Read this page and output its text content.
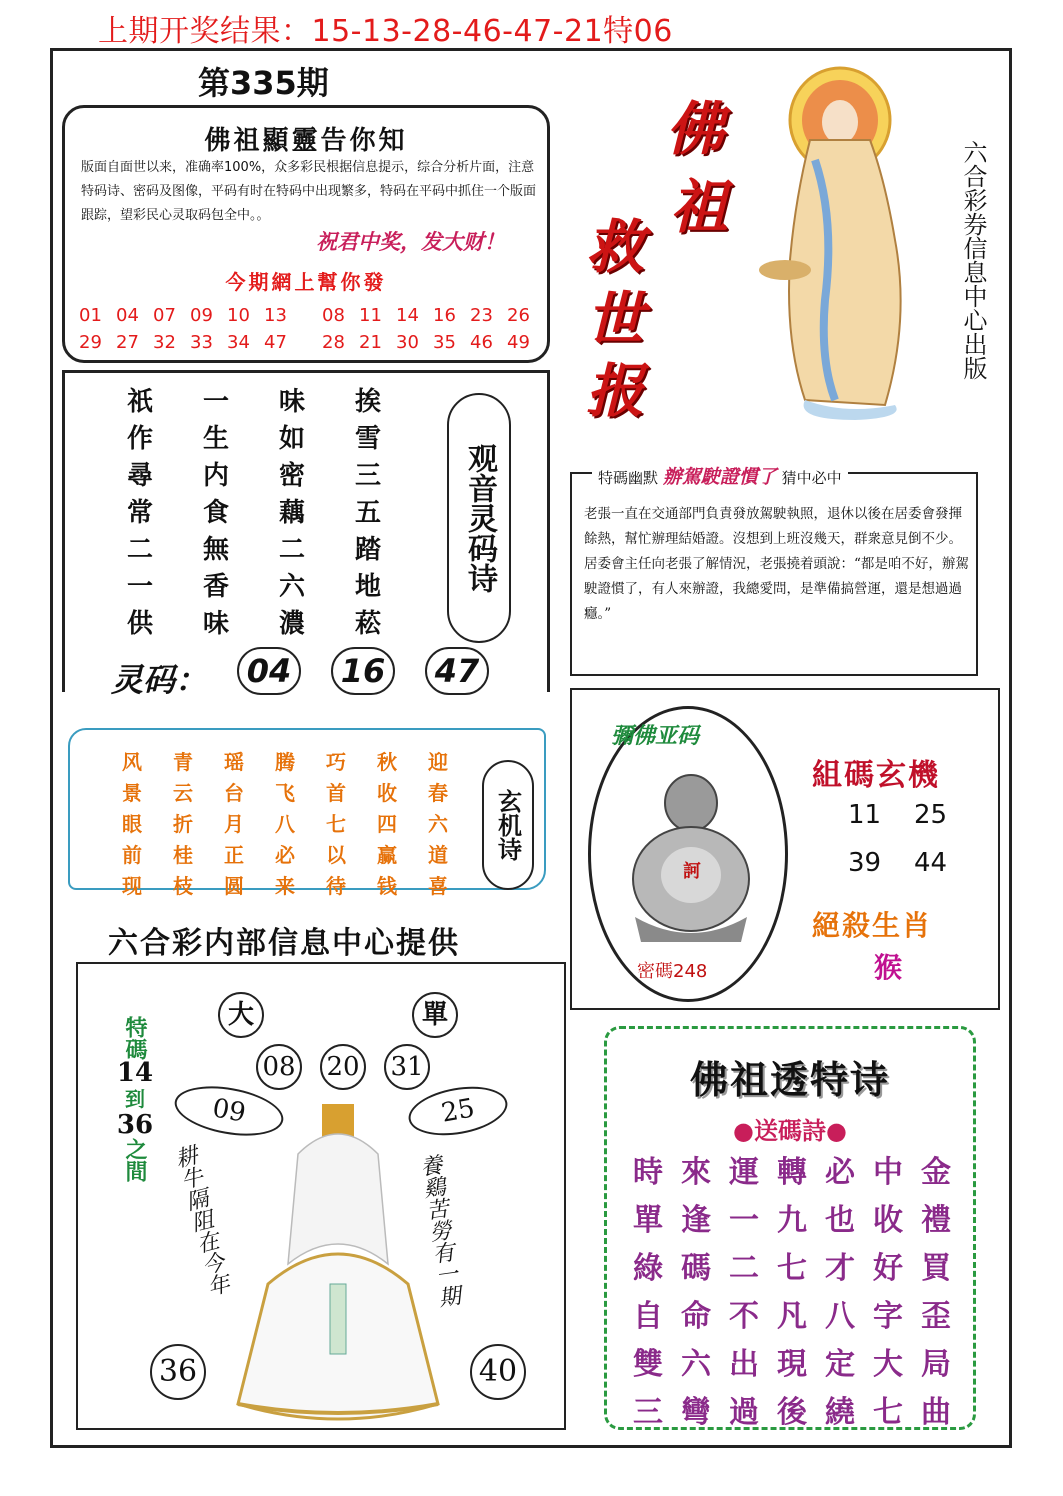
上期开奖结果：15-13-28-46-47-21特06
第335期
佛祖顯靈告你知
版面自面世以来，准确率100%，众多彩民根据信息提示，综合分析片面，注意特码诗、密码及图像，平码有时在特码中出现繁多，特码在平码中抓住一个版面跟踪，望彩民心灵取码包全中。。
祝君中奖，发大财！
今期網上幫你發
01 04 07 09 10 13
29 27 32 33 34 47
08 11 14 16 23 26
28 21 30 35 46 49
佛
祖
救
世
报
六合彩券信息中心出版
祇	一	味	挨
作	生	如	雪
尋	内	密	三
常	食	藕	五
二	無	二	踏
一	香	六	地
供	味	濃	菘
观音灵码诗
灵码：	04	16	47
老張一直在交通部門負責發放駕駛執照，退休以後在居委會發揮餘熱，幫忙辦理結婚證。沒想到上班沒幾天，群衆意見倒不少。居委會主任向老張了解情況，老張撓着頭說：“都是咱不好，辦駕駛證慣了，有人來辦證，我總愛問，是準備搞營運，還是想過過癮。”
特碼幽默 辦駕駛證慣了 猜中必中
风	青	瑶	腾	巧	秋	迎
景	云	台	飞	首	收	春
眼	折	月	八	七	四	六
前	桂	正	必	以	赢	道
现	枝	圆	来	待	钱	喜
玄机诗
六合彩内部信息中心提供
彌佛亚码
訶
密碼248
組碼玄機
11 25
39 44
絕殺生肖
猴
大	單
08 20 31
09	25
特碼
14
到
36
之間 耕牛隔阻在今年	養鷄苦勞有一期
36	40
佛祖透特诗
●送碼詩●
時 來 運 轉 必 中 金
單 逢 一 九 也 收 禮
綠 碼 二 七 才 好 買
自 命 不 凡 八 字 歪
雙 六 出 現 定 大 局
三 彎 過 後 繞 七 曲
